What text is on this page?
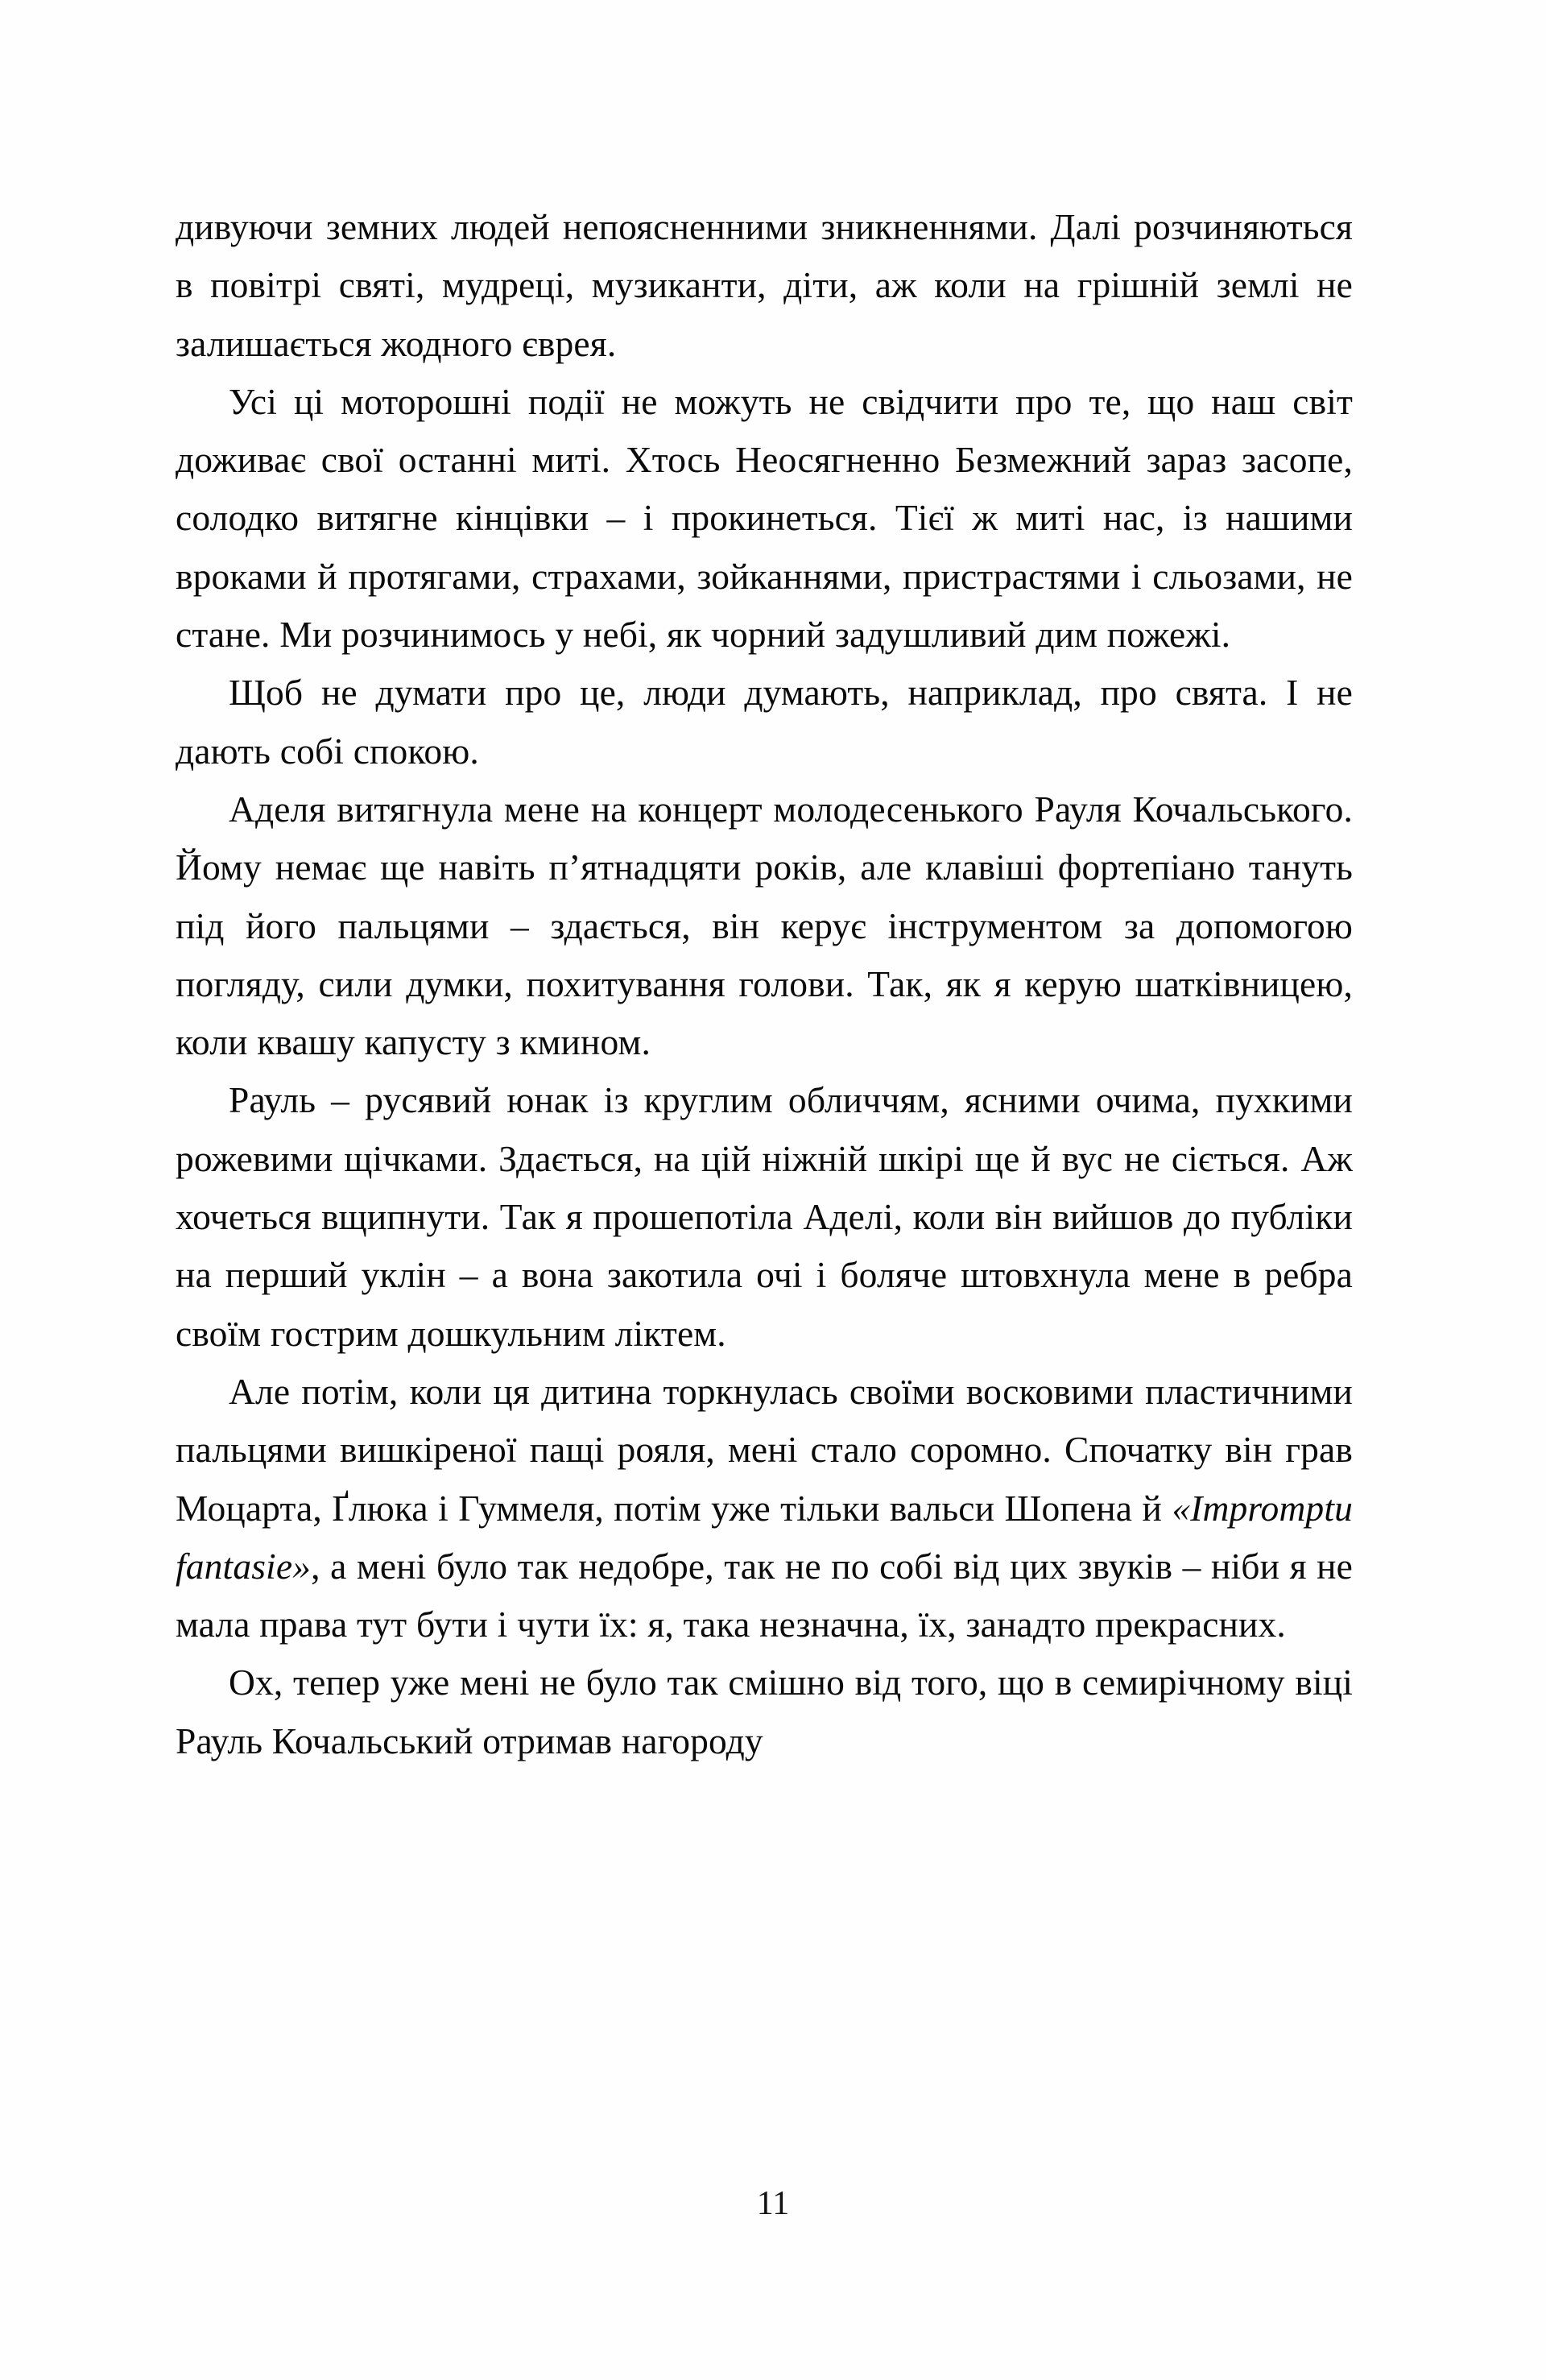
дивуючи земних людей непоясненними зникненнями. Далі розчиняються в повітрі святі, мудреці, музиканти, діти, аж коли на грішній землі не залишається жодного єврея.

Усі ці моторошні події не можуть не свідчити про те, що наш світ доживає свої останні миті. Хтось Неосягненно Безмежний зараз засопе, солодко витягне кінцівки – і прокинеться. Тієї ж миті нас, із нашими вроками й протягами, страхами, зойканнями, пристрастями і сльозами, не стане. Ми розчинимось у небі, як чорний задушливий дим пожежі.

Щоб не думати про це, люди думають, наприклад, про свята. І не дають собі спокою.

Аделя витягнула мене на концерт молодесенького Рауля Кочальського. Йому немає ще навіть п’ятнадцяти років, але клавіші фортепіано тануть під його пальцями – здається, він керує інструментом за допомогою погляду, сили думки, похитування голови. Так, як я керую шатківницею, коли квашу капусту з кмином.

Рауль – русявий юнак із круглим обличчям, ясними очима, пухкими рожевими щічками. Здається, на цій ніжній шкірі ще й вус не сіється. Аж хочеться вщипнути. Так я прошепотіла Аделі, коли він вийшов до публіки на перший уклін – а вона закотила очі і боляче штовхнула мене в ребра своїм гострим дошкульним ліктем.

Але потім, коли ця дитина торкнулась своїми восковими пластичними пальцями вишкіреної пащі рояля, мені стало соромно. Спочатку він грав Моцарта, Ґлюка і Гуммеля, потім уже тільки вальси Шопена й «Impromptu fantasie», а мені було так недобре, так не по собі від цих звуків – ніби я не мала права тут бути і чути їх: я, така незначна, їх, занадто прекрасних.

Ох, тепер уже мені не було так смішно від того, що в семирічному віці Рауль Кочальський отримав нагороду

11
